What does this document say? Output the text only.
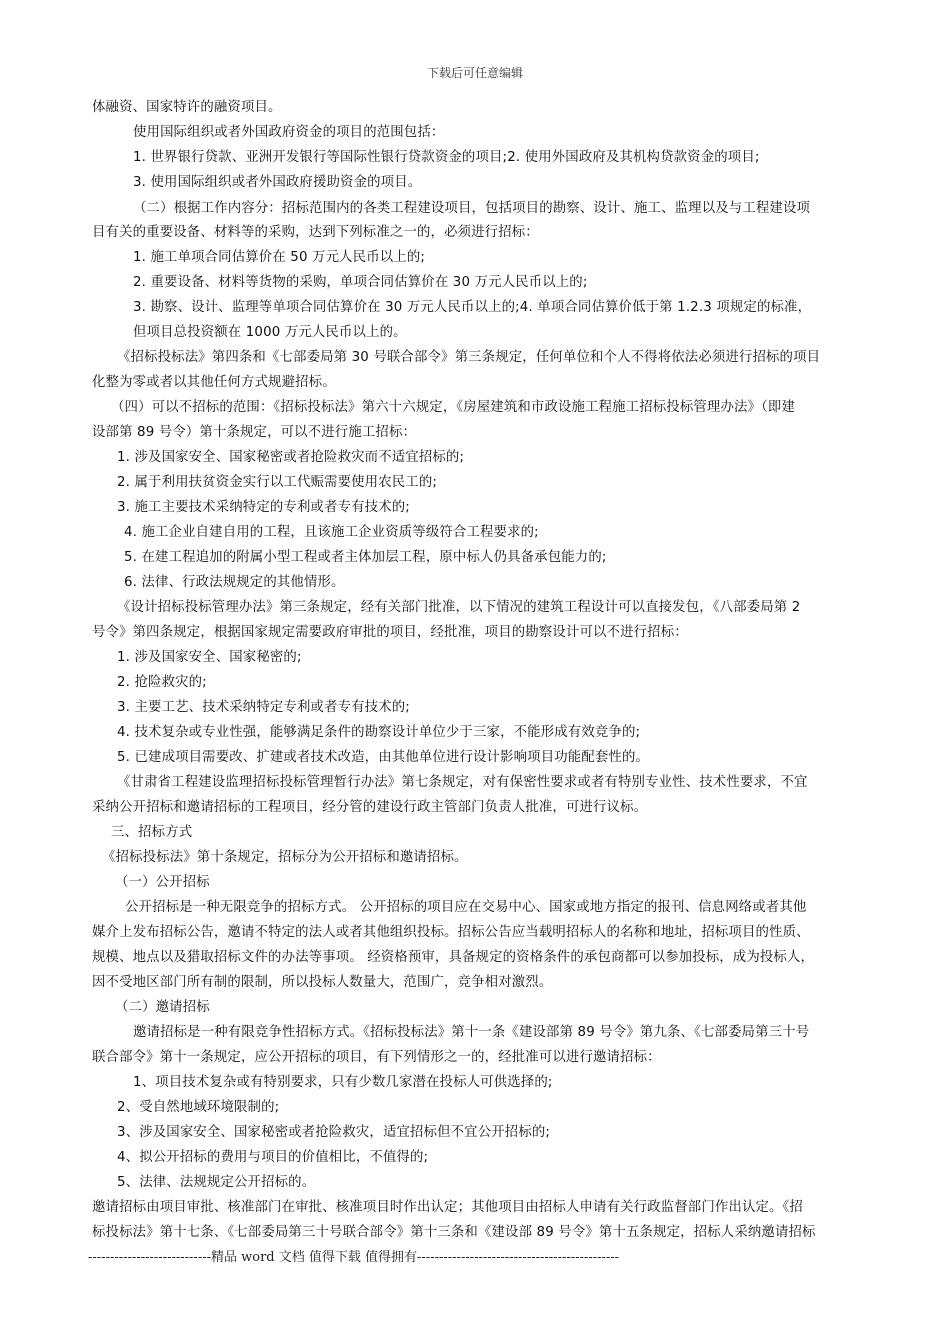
下载后可任意编辑
体融资、国家特许的融资项目。
使用国际组织或者外国政府资金的项目的范围包括：
1. 世界银行贷款、亚洲开发银行等国际性银行贷款资金的项目;2. 使用外国政府及其机构贷款资金的项目;
3. 使用国际组织或者外国政府援助资金的项目。
（二）根据工作内容分：招标范围内的各类工程建设项目，包括项目的勘察、设计、施工、监理以及与工程建设项
目有关的重要设备、材料等的采购，达到下列标准之一的，必须进行招标：
1. 施工单项合同估算价在 50 万元人民币以上的;
2. 重要设备、材料等货物的采购，单项合同估算价在 30 万元人民币以上的;
3. 勘察、设计、监理等单项合同估算价在 30 万元人民币以上的;4. 单项合同估算价低于第 1.2.3 项规定的标准，
但项目总投资额在 1000 万元人民币以上的。
《招标投标法》第四条和《七部委局第 30 号联合部令》第三条规定，任何单位和个人不得将依法必须进行招标的项目
化整为零或者以其他任何方式规避招标。
（四）可以不招标的范围：《招标投标法》第六十六规定，《房屋建筑和市政设施工程施工招标投标管理办法》（即建
设部第 89 号令）第十条规定，可以不进行施工招标：
1. 涉及国家安全、国家秘密或者抢险救灾而不适宜招标的;
2. 属于利用扶贫资金实行以工代赈需要使用农民工的;
3. 施工主要技术采纳特定的专利或者专有技术的;
4. 施工企业自建自用的工程，且该施工企业资质等级符合工程要求的;
5. 在建工程追加的附属小型工程或者主体加层工程，原中标人仍具备承包能力的;
6. 法律、行政法规规定的其他情形。
《设计招标投标管理办法》第三条规定，经有关部门批准，以下情况的建筑工程设计可以直接发包，《八部委局第 2
号令》第四条规定，根据国家规定需要政府审批的项目，经批准，项目的勘察设计可以不进行招标：
1. 涉及国家安全、国家秘密的;
2. 抢险救灾的;
3. 主要工艺、技术采纳特定专利或者专有技术的;
4. 技术复杂或专业性强，能够满足条件的勘察设计单位少于三家，不能形成有效竞争的;
5. 已建成项目需要改、扩建或者技术改造，由其他单位进行设计影响项目功能配套性的。
《甘肃省工程建设监理招标投标管理暂行办法》第七条规定，对有保密性要求或者有特别专业性、技术性要求，不宜
采纳公开招标和邀请招标的工程项目，经分管的建设行政主管部门负责人批准，可进行议标。
三、招标方式
《招标投标法》第十条规定，招标分为公开招标和邀请招标。
（一）公开招标
公开招标是一种无限竞争的招标方式。 公开招标的项目应在交易中心、国家或地方指定的报刊、信息网络或者其他
媒介上发布招标公告，邀请不特定的法人或者其他组织投标。招标公告应当载明招标人的名称和地址，招标项目的性质、
规模、地点以及猎取招标文件的办法等事项。 经资格预审，具备规定的资格条件的承包商都可以参加投标，成为投标人，
因不受地区部门所有制的限制，所以投标人数量大，范围广，竞争相对激烈。
（二）邀请招标
邀请招标是一种有限竞争性招标方式。《招标投标法》第十一条《建设部第 89 号令》第九条、《七部委局第三十号
联合部令》第十一条规定，应公开招标的项目，有下列情形之一的，经批准可以进行邀请招标：
1、项目技术复杂或有特别要求，只有少数几家潜在投标人可供选择的;
2、受自然地域环境限制的;
3、涉及国家安全、国家秘密或者抢险救灾，适宜招标但不宜公开招标的;
4、拟公开招标的费用与项目的价值相比，不值得的;
5、法律、法规规定公开招标的。
邀请招标由项目审批、核准部门在审批、核准项目时作出认定；其他项目由招标人申请有关行政监督部门作出认定。《招
标投标法》第十七条、《七部委局第三十号联合部令》第十三条和《建设部 89 号令》第十五条规定，招标人采纳邀请招标
----------------------------精品 word 文档 值得下载 值得拥有----------------------------------------------
